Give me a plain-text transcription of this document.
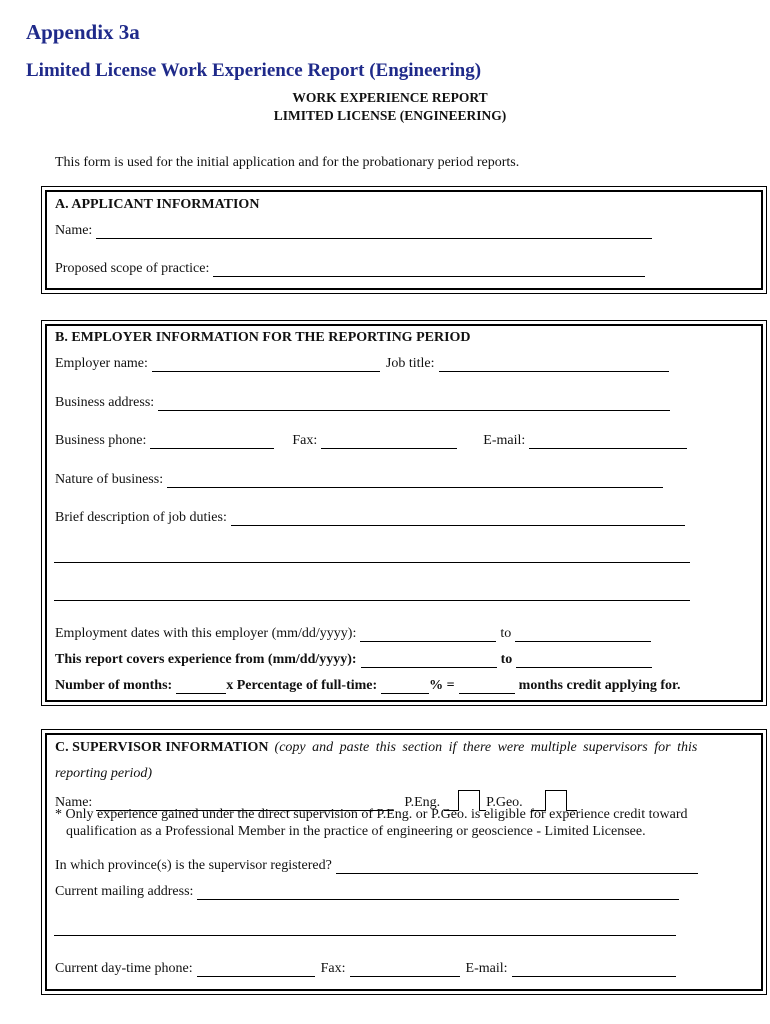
Appendix 3a
Limited License Work Experience Report (Engineering)
WORK EXPERIENCE REPORT
LIMITED LICENSE (ENGINEERING)
This form is used for the initial application and for the probationary period reports.
A. APPLICANT INFORMATION
Name:
Proposed scope of practice:
B. EMPLOYER INFORMATION FOR THE REPORTING PERIOD
Employer name:	Job title:
Business address:
Business phone:	Fax:	E-mail:
Nature of business:
Brief description of job duties:
Employment dates with this employer (mm/dd/yyyy):	to
This report covers experience from (mm/dd/yyyy):	to
Number of months:	x Percentage of full-time:	% =	months credit applying for.
C. SUPERVISOR INFORMATION (copy and paste this section if there were multiple supervisors for this
reporting period)
Name:	P.Eng.	P.Geo.
* Only experience gained under the direct supervision of P.Eng. or P.Geo. is eligible for experience credit toward
qualification as a Professional Member in the practice of engineering or geoscience - Limited Licensee.
In which province(s) is the supervisor registered?
Current mailing address:
Current day-time phone:	Fax:	E-mail:
